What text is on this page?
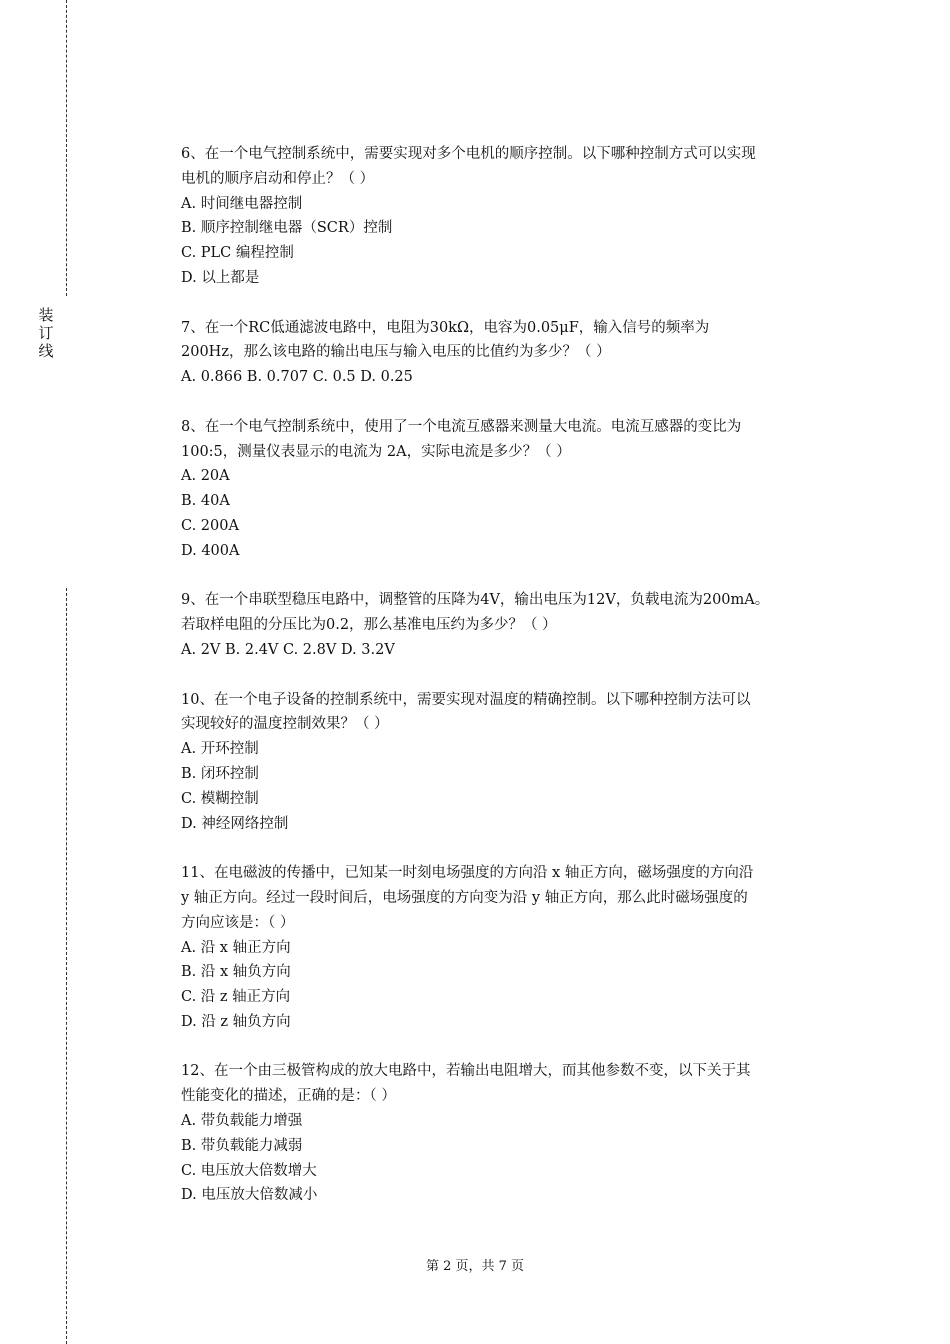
装
订
线
6、在一个电气控制系统中，需要实现对多个电机的顺序控制。以下哪种控制方式可以实现
电机的顺序启动和停止？（ ）
A. 时间继电器控制
B. 顺序控制继电器（SCR）控制
C. PLC 编程控制
D. 以上都是
7、在一个RC低通滤波电路中，电阻为30kΩ，电容为0.05μF，输入信号的频率为
200Hz，那么该电路的输出电压与输入电压的比值约为多少？（ ）
A. 0.866 B. 0.707 C. 0.5 D. 0.25
8、在一个电气控制系统中，使用了一个电流互感器来测量大电流。电流互感器的变比为
100:5，测量仪表显示的电流为 2A，实际电流是多少？（ ）
A. 20A
B. 40A
C. 200A
D. 400A
9、在一个串联型稳压电路中，调整管的压降为4V，输出电压为12V，负载电流为200mA。
若取样电阻的分压比为0.2，那么基准电压约为多少？（ ）
A. 2V B. 2.4V C. 2.8V D. 3.2V
10、在一个电子设备的控制系统中，需要实现对温度的精确控制。以下哪种控制方法可以
实现较好的温度控制效果？（ ）
A. 开环控制
B. 闭环控制
C. 模糊控制
D. 神经网络控制
11、在电磁波的传播中，已知某一时刻电场强度的方向沿 x 轴正方向，磁场强度的方向沿
y 轴正方向。经过一段时间后，电场强度的方向变为沿 y 轴正方向，那么此时磁场强度的
方向应该是：（ ）
A. 沿 x 轴正方向
B. 沿 x 轴负方向
C. 沿 z 轴正方向
D. 沿 z 轴负方向
12、在一个由三极管构成的放大电路中，若输出电阻增大，而其他参数不变，以下关于其
性能变化的描述，正确的是：（ ）
A. 带负载能力增强
B. 带负载能力减弱
C. 电压放大倍数增大
D. 电压放大倍数减小
第 2 页，共 7 页
